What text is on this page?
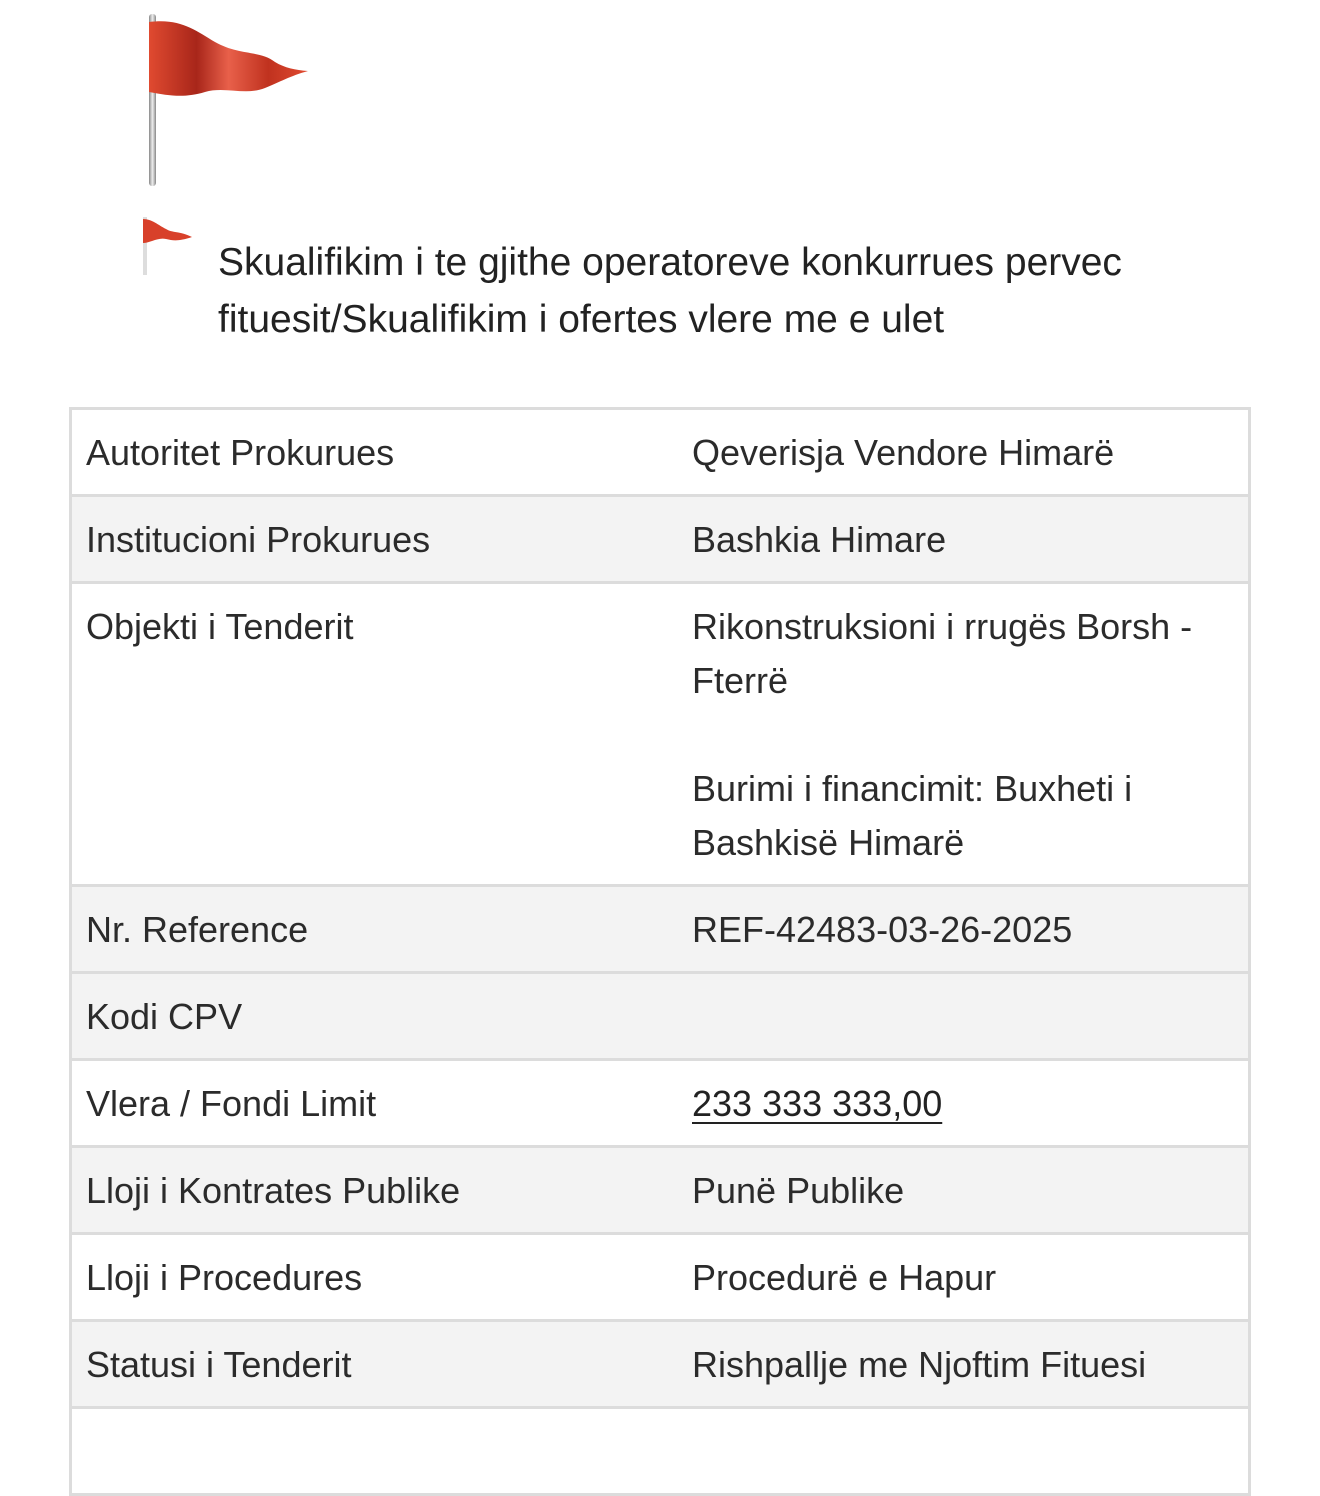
Skualifikim i te gjithe operatoreve konkurrues pervec fituesit/Skualifikim i ofertes vlere me e ulet
Autoritet Prokurues	Qeverisja Vendore Himarë
Institucioni Prokurues	Bashkia Himare
Objekti i Tenderit	Rikonstruksioni i rrugës Borsh - Fterrë
Burimi i financimit: Buxheti i Bashkisë Himarë

Nr. Reference	REF-42483-03-26-2025
Kodi CPV	
Vlera / Fondi Limit	233 333 333,00
Lloji i Kontrates Publike	Punë Publike
Lloji i Procedures	Procedurë e Hapur
Statusi i Tenderit	Rishpallje me Njoftim Fituesi
